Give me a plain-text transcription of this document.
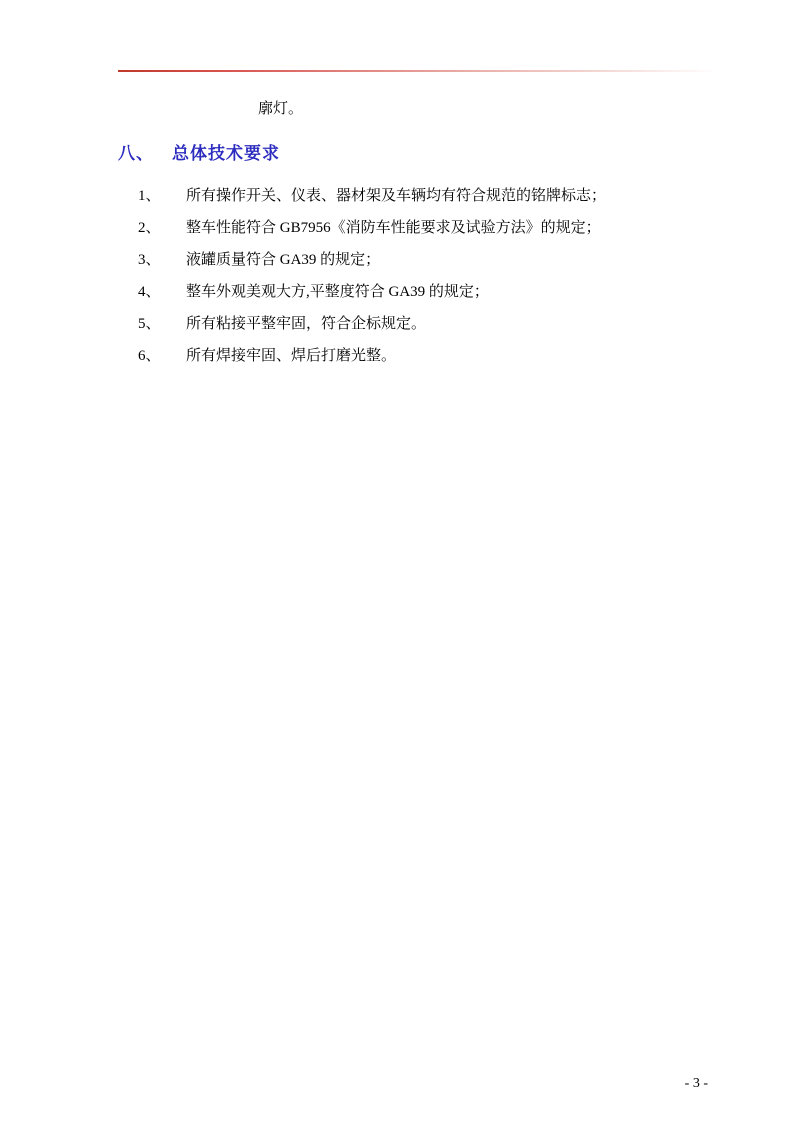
廓灯。

八、 总体技术要求
1、 所有操作开关、仪表、器材架及车辆均有符合规范的铭牌标志；
2、 整车性能符合 GB7956《消防车性能要求及试验方法》的规定；
3、 液罐质量符合 GA39 的规定；
4、 整车外观美观大方,平整度符合 GA39 的规定；
5、 所有粘接平整牢固，符合企标规定。
6、 所有焊接牢固、焊后打磨光整。
- 3 -
